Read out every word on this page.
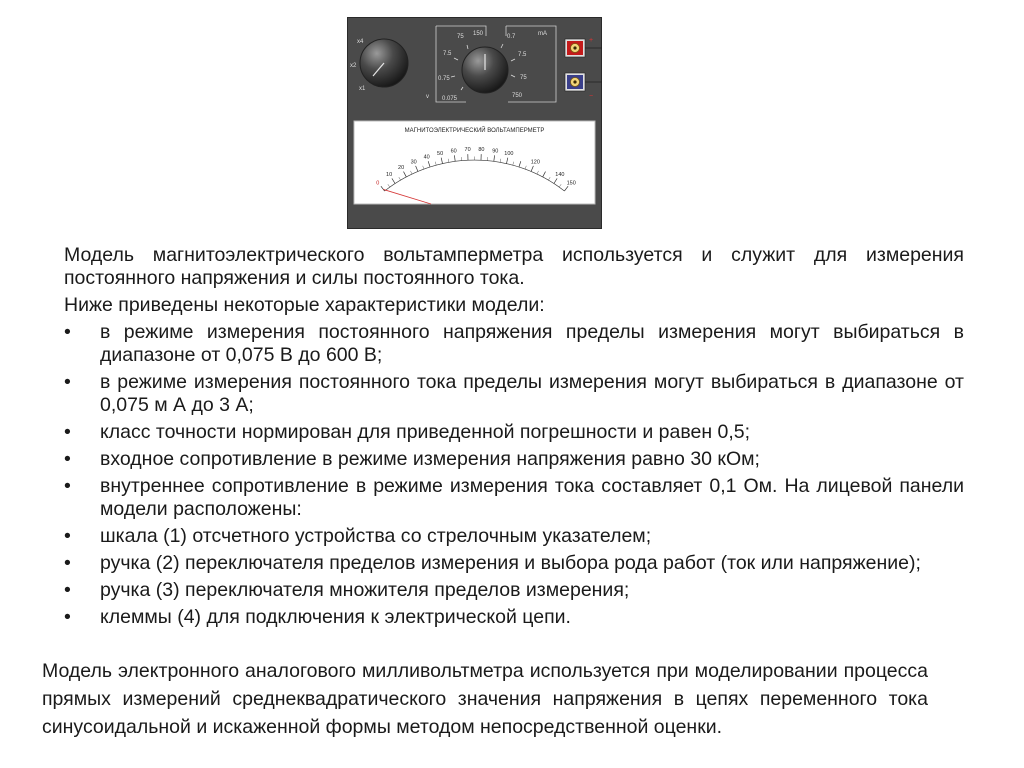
x4
x2
x1
75 150
7.5
0.75
0.075
v
0.7
7.5
75
750
mA
+
−
МАГНИТОЭЛЕКТРИЧЕСКИЙ ВОЛЬТАМПЕРМЕТР
0
10
20
30
40
50 60 70 80 90 100
120
140
150

Модель магнитоэлектрического вольтамперметра используется и служит для измерения постоянного напряжения и силы постоянного тока.

Ниже приведены некоторые характеристики модели:

• в режиме измерения постоянного напряжения пределы измерения могут выбираться в диапазоне от 0,075 В до 600 В;
• в режиме измерения постоянного тока пределы измерения могут выбираться в диапазоне от 0,075 м А до 3 А;
• класс точности нормирован для приведенной погрешности и равен 0,5;
• входное сопротивление в режиме измерения напряжения равно 30 кОм;
• внутреннее сопротивление в режиме измерения тока составляет 0,1 Ом. На лицевой панели модели расположены:
• шкала (1) отсчетного устройства со стрелочным указателем;
• ручка (2) переключателя пределов измерения и выбора рода работ (ток или напряжение);
• ручка (3) переключателя множителя пределов измерения;
• клеммы (4) для подключения к электрической цепи.

Модель электронного аналогового милливольтметра используется при моделировании процесса прямых измерений среднеквадратического значения напряжения в цепях переменного тока синусоидальной и искаженной формы методом непосредственной оценки.
